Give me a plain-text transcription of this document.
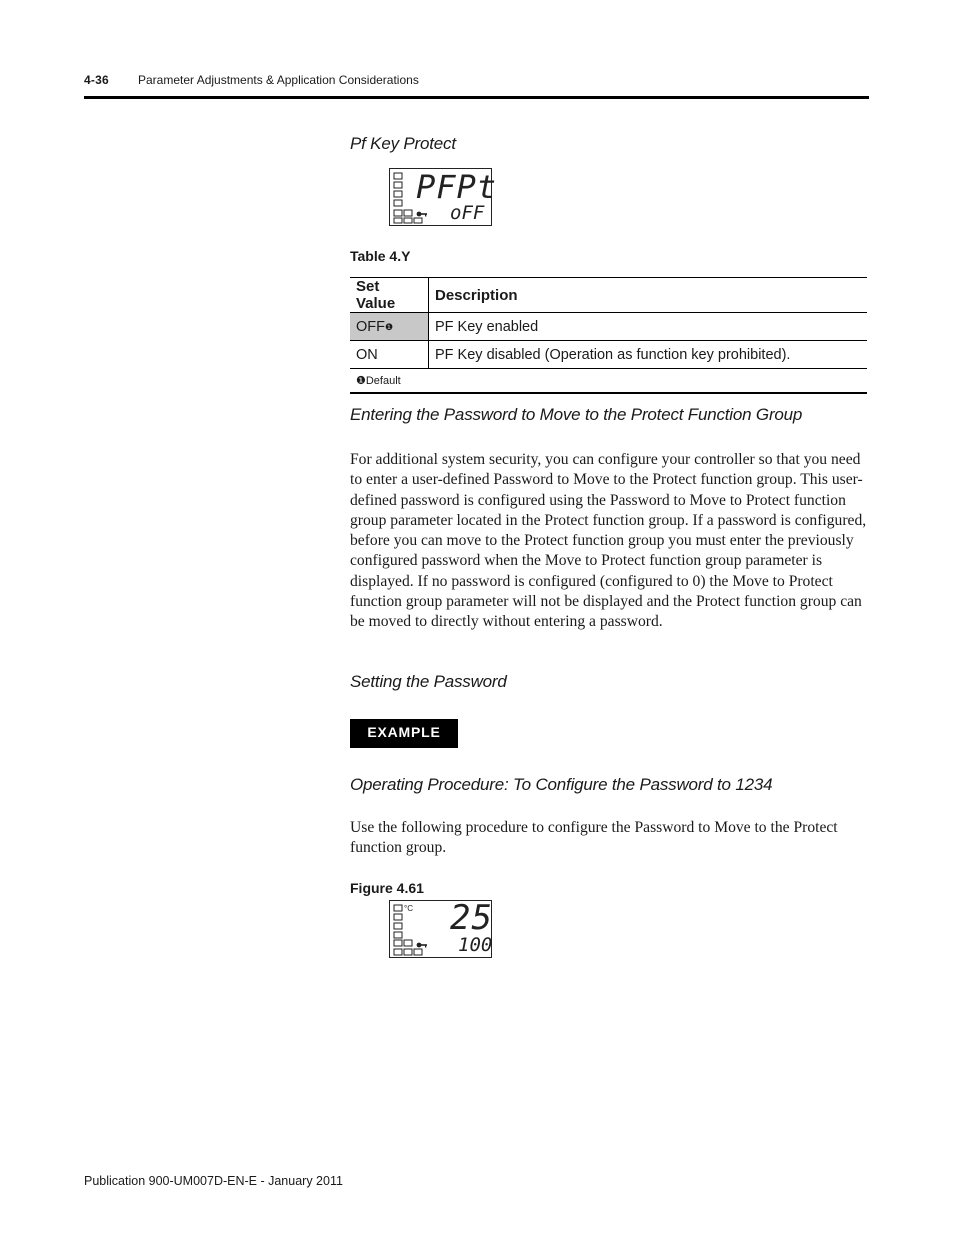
4-36 Parameter Adjustments & Application Considerations
Pf Key Protect
PFPt
oFF
Table 4.Y
Set Value	Description
OFF❶	PF Key enabled
ON	PF Key disabled (Operation as function key prohibited).
❶Default	
Entering the Password to Move to the Protect Function Group
For additional system security, you can configure your controller so that you need to enter a user-defined Password to Move to the Protect function group. This user-defined password is configured using the Password to Move to Protect function group parameter located in the Protect function group. If a password is configured, before you can move to the Protect function group you must enter the previously configured password when the Move to Protect function group parameter is displayed. If no password is configured (configured to 0) the Move to Protect function group parameter will not be displayed and the Protect function group can be moved to directly without entering a password.
Setting the Password
EXAMPLE
Operating Procedure: To Configure the Password to 1234
Use the following procedure to configure the Password to Move to the Protect function group.
Figure 4.61
°C 25
100
Publication 900-UM007D-EN-E - January 2011
